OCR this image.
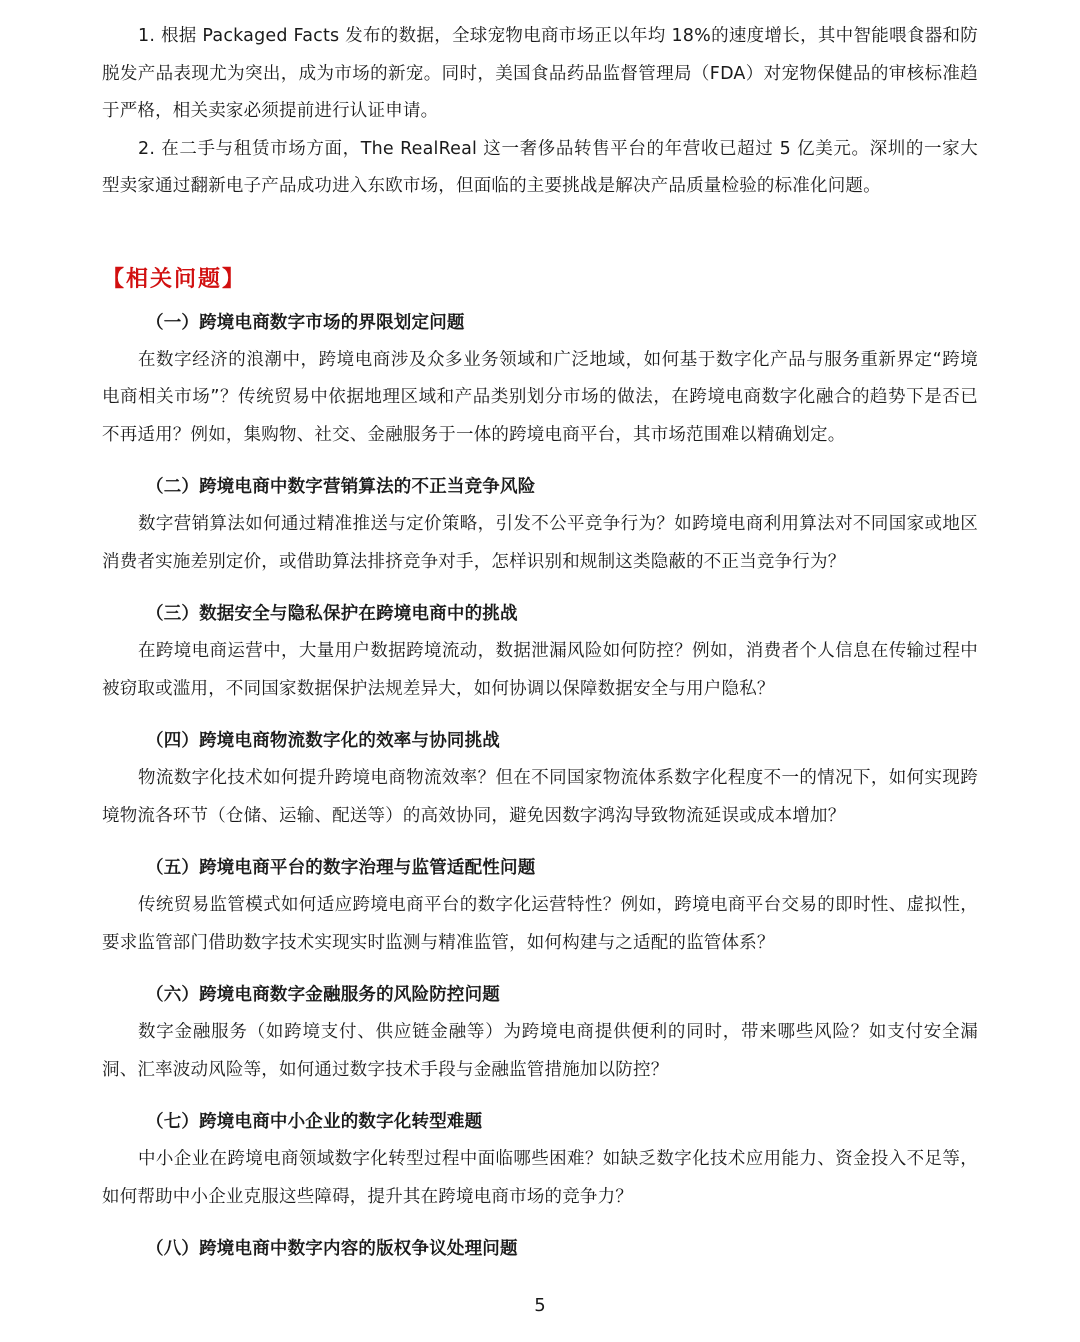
1. 根据 Packaged Facts 发布的数据，全球宠物电商市场正以年均 18%的速度增长，其中智能喂食器和防脱发产品表现尤为突出，成为市场的新宠。同时，美国食品药品监督管理局（FDA）对宠物保健品的审核标准趋于严格，相关卖家必须提前进行认证申请。

2. 在二手与租赁市场方面，The RealReal 这一奢侈品转售平台的年营收已超过 5 亿美元。深圳的一家大型卖家通过翻新电子产品成功进入东欧市场，但面临的主要挑战是解决产品质量检验的标准化问题。

【相关问题】

（一）跨境电商数字市场的界限划定问题

在数字经济的浪潮中，跨境电商涉及众多业务领域和广泛地域，如何基于数字化产品与服务重新界定“跨境电商相关市场”？传统贸易中依据地理区域和产品类别划分市场的做法，在跨境电商数字化融合的趋势下是否已不再适用？例如，集购物、社交、金融服务于一体的跨境电商平台，其市场范围难以精确划定。

（二）跨境电商中数字营销算法的不正当竞争风险

数字营销算法如何通过精准推送与定价策略，引发不公平竞争行为？如跨境电商利用算法对不同国家或地区消费者实施差别定价，或借助算法排挤竞争对手，怎样识别和规制这类隐蔽的不正当竞争行为？

（三）数据安全与隐私保护在跨境电商中的挑战

在跨境电商运营中，大量用户数据跨境流动，数据泄漏风险如何防控？例如，消费者个人信息在传输过程中被窃取或滥用，不同国家数据保护法规差异大，如何协调以保障数据安全与用户隐私？

（四）跨境电商物流数字化的效率与协同挑战

物流数字化技术如何提升跨境电商物流效率？但在不同国家物流体系数字化程度不一的情况下，如何实现跨境物流各环节（仓储、运输、配送等）的高效协同，避免因数字鸿沟导致物流延误或成本增加？

（五）跨境电商平台的数字治理与监管适配性问题

传统贸易监管模式如何适应跨境电商平台的数字化运营特性？例如，跨境电商平台交易的即时性、虚拟性，要求监管部门借助数字技术实现实时监测与精准监管，如何构建与之适配的监管体系？

（六）跨境电商数字金融服务的风险防控问题

数字金融服务（如跨境支付、供应链金融等）为跨境电商提供便利的同时，带来哪些风险？如支付安全漏洞、汇率波动风险等，如何通过数字技术手段与金融监管措施加以防控？

（七）跨境电商中小企业的数字化转型难题

中小企业在跨境电商领域数字化转型过程中面临哪些困难？如缺乏数字化技术应用能力、资金投入不足等，如何帮助中小企业克服这些障碍，提升其在跨境电商市场的竞争力？

（八）跨境电商中数字内容的版权争议处理问题

5
